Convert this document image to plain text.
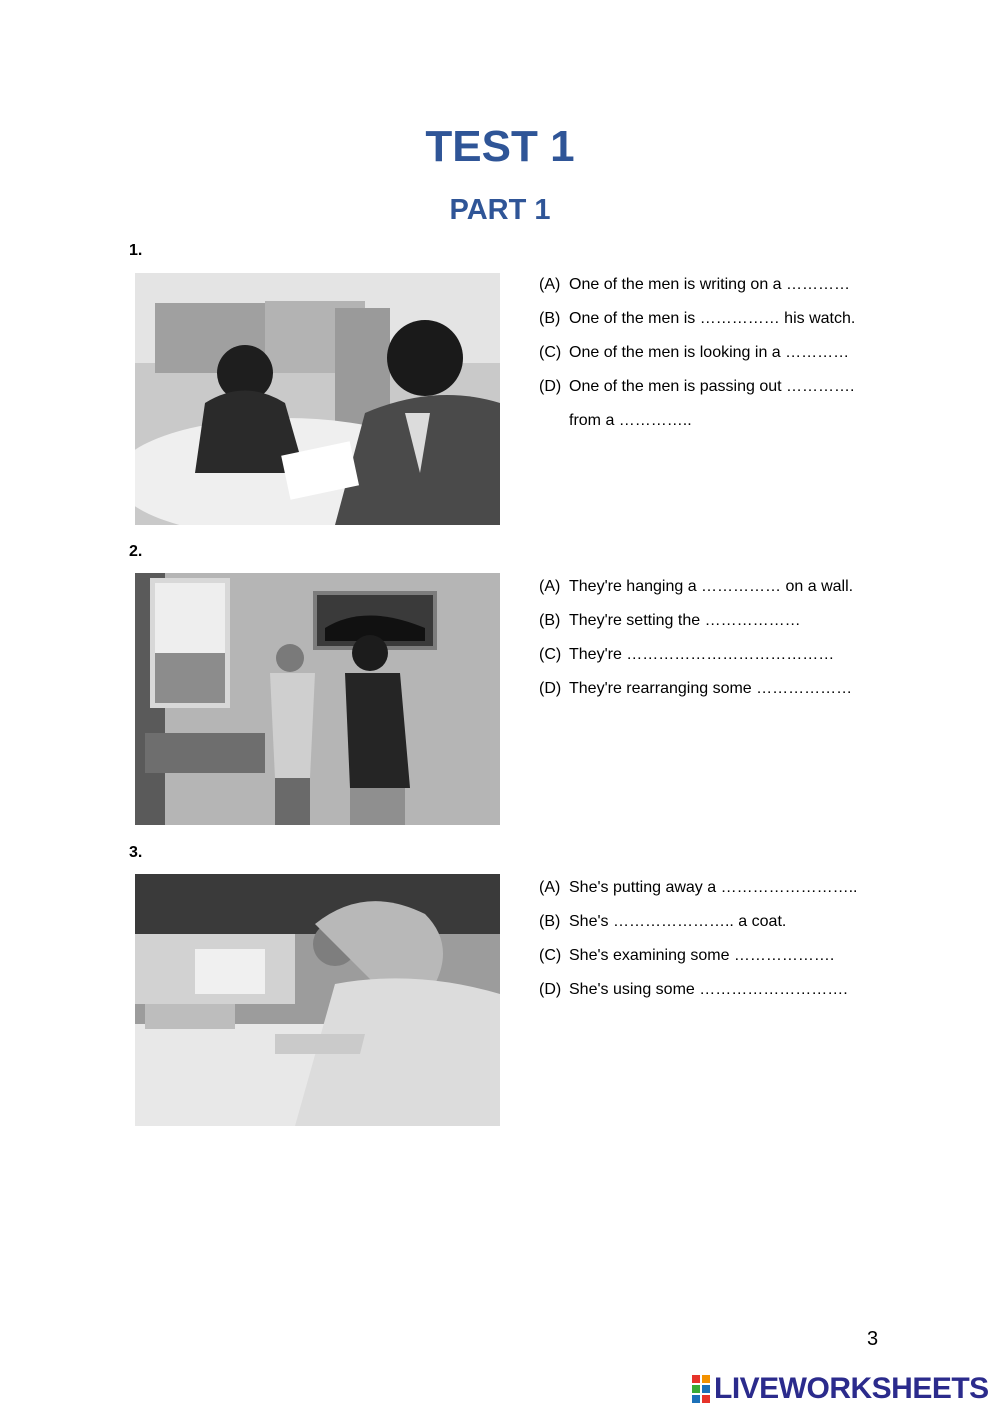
TEST 1
PART 1
1.
(A) One of the men is writing on a …………
(B) One of the men is …………… his watch.
(C) One of the men is looking in a …………
(D) One of the men is passing out ………….
from a …………..
2.
(A) They're hanging a …………… on a wall.
(B) They're setting the ………………
(C) They're …………………………………
(D) They're rearranging some ………………
3.
(A) She's putting away a ……………………..
(B) She's ………………….. a coat.
(C) She's examining some ……………….
(D) She's using some ……………………….
3
LIVEWORKSHEETS
